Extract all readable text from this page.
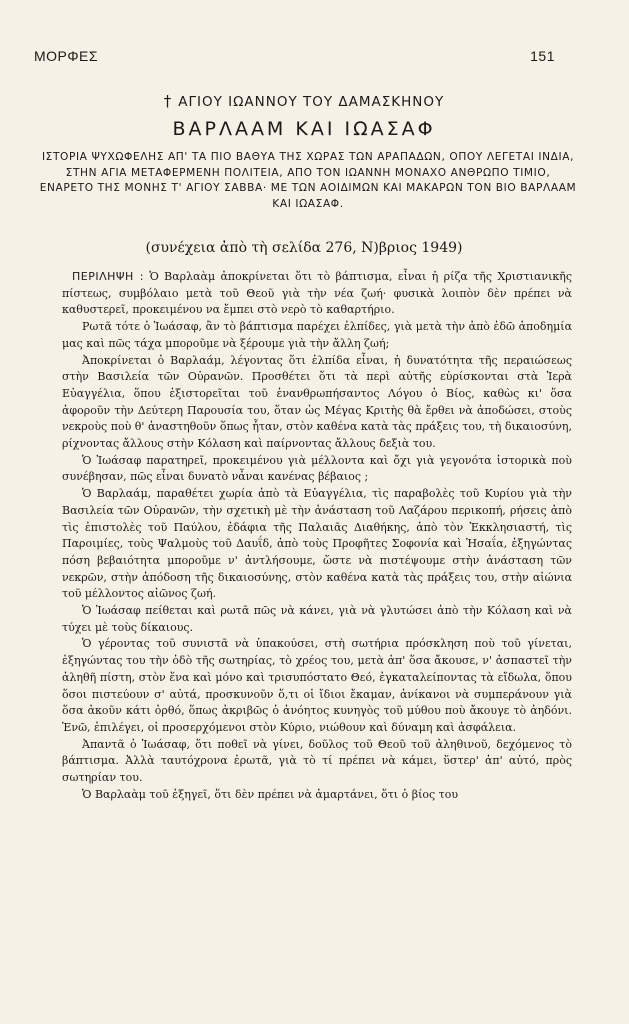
ΜΟΡΦΕΣ	151
† ΑΓΙΟΥ ΙΩΑΝΝΟΥ ΤΟΥ ΔΑΜΑΣΚΗΝΟΥ
ΒΑΡΛΑΑΜ ΚΑΙ ΙΩΑΣΑΦ
ΙΣΤΟΡΙΑ ΨΥΧΩΦΕΛΗΣ ΑΠ' ΤΑ ΠΙΟ ΒΑΘΥΑ ΤΗΣ ΧΩΡΑΣ ΤΩΝ ΑΡΑΠΑΔΩΝ, ΟΠΟΥ ΛΕΓΕΤΑΙ ΙΝΔΙΑ, ΣΤΗΝ ΑΓΙΑ ΜΕΤΑΦΕΡΜΕΝΗ ΠΟΛΙΤΕΙΑ, ΑΠΟ ΤΟΝ ΙΩΑΝΝΗ ΜΟΝΑΧΟ ΑΝΘΡΩΠΟ ΤΙΜΙΟ, ΕΝΑΡΕΤΟ ΤΗΣ ΜΟΝΗΣ Τ' ΑΓΙΟΥ ΣΑΒΒΑ· ΜΕ ΤΩΝ ΑΟΙΔΙΜΩΝ ΚΑΙ ΜΑΚΑΡΩΝ ΤΟΝ ΒΙΟ ΒΑΡΛΑΑΜ ΚΑΙ ΙΩΑΣΑΦ.
(συνέχεια ἀπὸ τὴ σελίδα 276, Ν)βριος 1949)

ΠΕΡΙΛΗΨΗ : Ὁ Βαρλαὰμ ἀποκρίνεται ὅτι τὸ βάπτισμα, εἶναι ἡ ρίζα τῆς Χριστιανικῆς πίστεως, συμβόλαιο μετὰ τοῦ Θεοῦ γιὰ τὴν νέα ζωή· φυσικὰ λοιπὸν δὲν πρέπει νὰ καθυστερεῖ, προκειμένου να ἔμπει στὸ νερὸ τὸ καθαρτήριο.

Ρωτᾶ τότε ὁ Ἰωάσαφ, ἂν τὸ βάπτισμα παρέχει ἐλπίδες, γιὰ μετὰ τὴν ἀπὸ ἐδῶ ἀποδημία μας καὶ πῶς τάχα μποροῦμε νὰ ξέρουμε γιὰ τὴν ἄλλη ζωή;

Ἀποκρίνεται ὁ Βαρλαάμ, λέγοντας ὅτι ἐλπίδα εἶναι, ἡ δυνατότητα τῆς περαιώσεως στὴν Βασιλεία τῶν Οὐρανῶν. Προσθέτει ὅτι τὰ περὶ αὐτῆς εὑρίσκονται στὰ Ἱερὰ Εὐαγγέλια, ὅπου ἐξιστορεῖται τοῦ ἐνανθρωπήσαντος Λόγου ὁ Βίος, καθὼς κι' ὅσα ἀφοροῦν τὴν Δεύτερη Παρουσία του, ὅταν ὡς Μέγας Κριτὴς θὰ ἔρθει νὰ ἀποδώσει, στοὺς νεκροὺς ποὺ θ' ἀναστηθοῦν ὅπως ἦταν, στὸν καθένα κατὰ τὰς πράξεις του, τὴ δικαιοσύνη, ρίχνοντας ἄλλους στὴν Κόλαση καὶ παίρνοντας ἄλλους δεξιὰ του.

Ὁ Ἰωάσαφ παρατηρεῖ, προκειμένου γιὰ μέλλοντα καὶ ὄχι γιὰ γεγονότα ἱστορικὰ ποὺ συνέβησαν, πῶς εἶναι δυνατὸ νἆναι κανένας βέβαιος ;

Ὁ Βαρλαάμ, παραθέτει χωρία ἀπὸ τὰ Εὐαγγέλια, τὶς παραβολὲς τοῦ Κυρίου γιὰ τὴν Βασιλεία τῶν Οὐρανῶν, τὴν σχετικὴ μὲ τὴν ἀνάσταση τοῦ Λαζάρου περικοπή, ρήσεις ἀπὸ τὶς ἐπιστολὲς τοῦ Παύλου, ἐδάφια τῆς Παλαιᾶς Διαθήκης, ἀπὸ τὸν Ἐκκλησιαστή, τὶς Παροιμίες, τοὺς Ψαλμοὺς τοῦ Δαυΐδ, ἀπὸ τοὺς Προφῆτες Σοφονία καὶ Ἡσαΐα, ἐξηγώντας πόση βεβαιότητα μποροῦμε ν' ἀντλήσουμε, ὥστε νὰ πιστέψουμε στὴν ἀνάσταση τῶν νεκρῶν, στὴν ἀπόδοση τῆς δικαιοσύνης, στὸν καθένα κατὰ τὰς πράξεις του, στὴν αἰώνια τοῦ μέλλοντος αἰῶνος ζωή.

Ὁ Ἰωάσαφ πείθεται καὶ ρωτᾶ πῶς νὰ κάνει, γιὰ νὰ γλυτώσει ἀπὸ τὴν Κόλαση καὶ νὰ τύχει μὲ τοὺς δίκαιους.

Ὁ γέροντας τοῦ συνιστᾶ νὰ ὑπακούσει, στὴ σωτήρια πρόσκληση ποὺ τοῦ γίνεται, ἐξηγώντας του τὴν ὁδὸ τῆς σωτηρίας, τὸ χρέος του, μετὰ ἀπ' ὅσα ἄκουσε, ν' ἀσπαστεῖ τὴν ἀληθῆ πίστη, στὸν ἕνα καὶ μόνο καὶ τρισυπόστατο Θεό, ἐγκαταλείποντας τὰ εἴδωλα, ὅπου ὅσοι πιστεύουν σ' αὐτά, προσκυνοῦν ὅ,τι οἱ ἴδιοι ἔκαμαν, ἀνίκανοι νὰ συμπεράνουν γιὰ ὅσα ἀκοῦν κάτι ὀρθό, ὅπως ἀκριβῶς ὁ ἀνόητος κυνηγὸς τοῦ μύθου ποὺ ἄκουγε τὸ ἀηδόνι. Ἐνῶ, ἐπιλέγει, οἱ προσερχόμενοι στὸν Κύριο, νιώθουν καὶ δύναμη καὶ ἀσφάλεια.

Ἀπαντᾶ ὁ Ἰωάσαφ, ὅτι ποθεῖ νὰ γίνει, δοῦλος τοῦ Θεοῦ τοῦ ἀληθινοῦ, δεχόμενος τὸ βάπτισμα. Ἀλλὰ ταυτόχρονα ἐρωτᾶ, γιὰ τὸ τί πρέπει νὰ κάμει, ὕστερ' ἀπ' αὐτό, πρὸς σωτηρίαν του.

Ὁ Βαρλαὰμ τοῦ ἐξηγεῖ, ὅτι δὲν πρέπει νὰ ἁμαρτάνει, ὅτι ὁ βίος του
